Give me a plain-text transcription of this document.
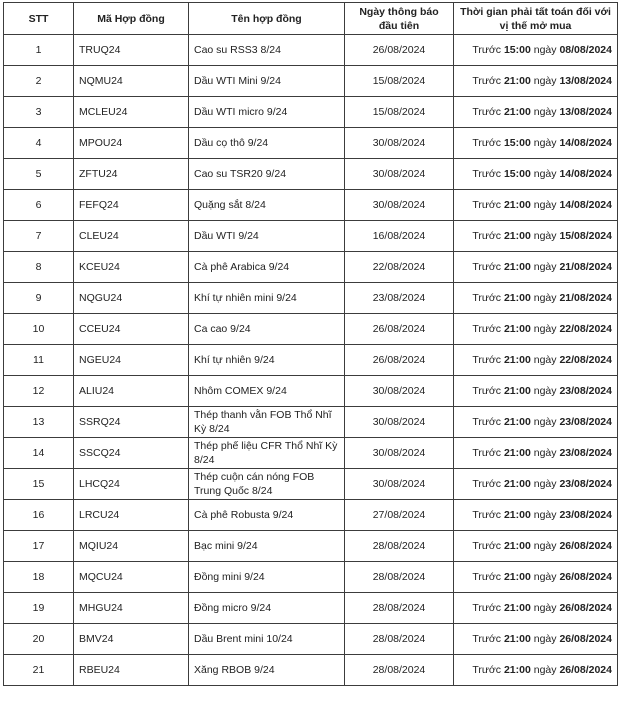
STT	Mã Hợp đồng	Tên hợp đồng	Ngày thông báo đầu tiên	Thời gian phải tất toán đối với vị thế mở mua
1	TRUQ24	Cao su RSS3 8/24	26/08/2024	Trước 15:00 ngày 08/08/2024
2	NQMU24	Dầu WTI Mini 9/24	15/08/2024	Trước 21:00 ngày 13/08/2024
3	MCLEU24	Dầu WTI micro 9/24	15/08/2024	Trước 21:00 ngày 13/08/2024
4	MPOU24	Dầu cọ thô 9/24	30/08/2024	Trước 15:00 ngày 14/08/2024
5	ZFTU24	Cao su TSR20 9/24	30/08/2024	Trước 15:00 ngày 14/08/2024
6	FEFQ24	Quặng sắt 8/24	30/08/2024	Trước 21:00 ngày 14/08/2024
7	CLEU24	Dầu WTI 9/24	16/08/2024	Trước 21:00 ngày 15/08/2024
8	KCEU24	Cà phê Arabica 9/24	22/08/2024	Trước 21:00 ngày 21/08/2024
9	NQGU24	Khí tự nhiên mini 9/24	23/08/2024	Trước 21:00 ngày 21/08/2024
10	CCEU24	Ca cao 9/24	26/08/2024	Trước 21:00 ngày 22/08/2024
11	NGEU24	Khí tự nhiên 9/24	26/08/2024	Trước 21:00 ngày 22/08/2024
12	ALIU24	Nhôm COMEX 9/24	30/08/2024	Trước 21:00 ngày 23/08/2024
13	SSRQ24	Thép thanh vằn FOB Thổ Nhĩ Kỳ 8/24	30/08/2024	Trước 21:00 ngày 23/08/2024
14	SSCQ24	Thép phế liệu CFR Thổ Nhĩ Kỳ 8/24	30/08/2024	Trước 21:00 ngày 23/08/2024
15	LHCQ24	Thép cuộn cán nóng FOB Trung Quốc 8/24	30/08/2024	Trước 21:00 ngày 23/08/2024
16	LRCU24	Cà phê Robusta 9/24	27/08/2024	Trước 21:00 ngày 23/08/2024
17	MQIU24	Bạc mini 9/24	28/08/2024	Trước 21:00 ngày 26/08/2024
18	MQCU24	Đồng mini 9/24	28/08/2024	Trước 21:00 ngày 26/08/2024
19	MHGU24	Đồng micro 9/24	28/08/2024	Trước 21:00 ngày 26/08/2024
20	BMV24	Dầu Brent mini 10/24	28/08/2024	Trước 21:00 ngày 26/08/2024
21	RBEU24	Xăng RBOB 9/24	28/08/2024	Trước 21:00 ngày 26/08/2024
